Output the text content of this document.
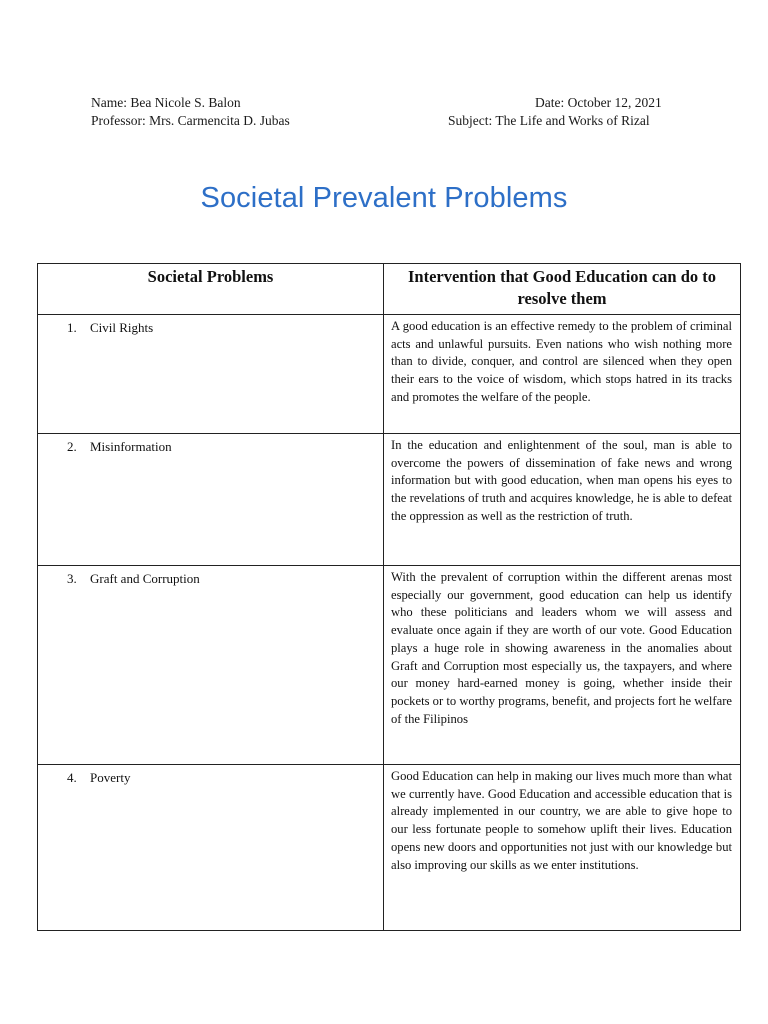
Name: Bea Nicole S. Balon
Professor: Mrs. Carmencita D. Jubas
Date: October 12, 2021
Subject: The Life and Works of Rizal
Societal Prevalent Problems
Societal Problems	Intervention that Good Education can do to resolve them
1. Civil Rights	A good education is an effective remedy to the problem of criminal acts and unlawful pursuits. Even nations who wish nothing more than to divide, conquer, and control are silenced when they open their ears to the voice of wisdom, which stops hatred in its tracks and promotes the welfare of the people.
2. Misinformation	In the education and enlightenment of the soul, man is able to overcome the powers of dissemination of fake news and wrong information but with good education, when man opens his eyes to the revelations of truth and acquires knowledge, he is able to defeat the oppression as well as the restriction of truth.
3. Graft and Corruption	With the prevalent of corruption within the different arenas most especially our government, good education can help us identify who these politicians and leaders whom we will assess and evaluate once again if they are worth of our vote. Good Education plays a huge role in showing awareness in the anomalies about Graft and Corruption most especially us, the taxpayers, and where our money hard-earned money is going, whether inside their pockets or to worthy programs, benefit, and projects fort he welfare of the Filipinos
4. Poverty	Good Education can help in making our lives much more than what we currently have. Good Education and accessible education that is already implemented in our country, we are able to give hope to our less fortunate people to somehow uplift their lives. Education opens new doors and opportunities not just with our knowledge but also improving our skills as we enter institutions.
